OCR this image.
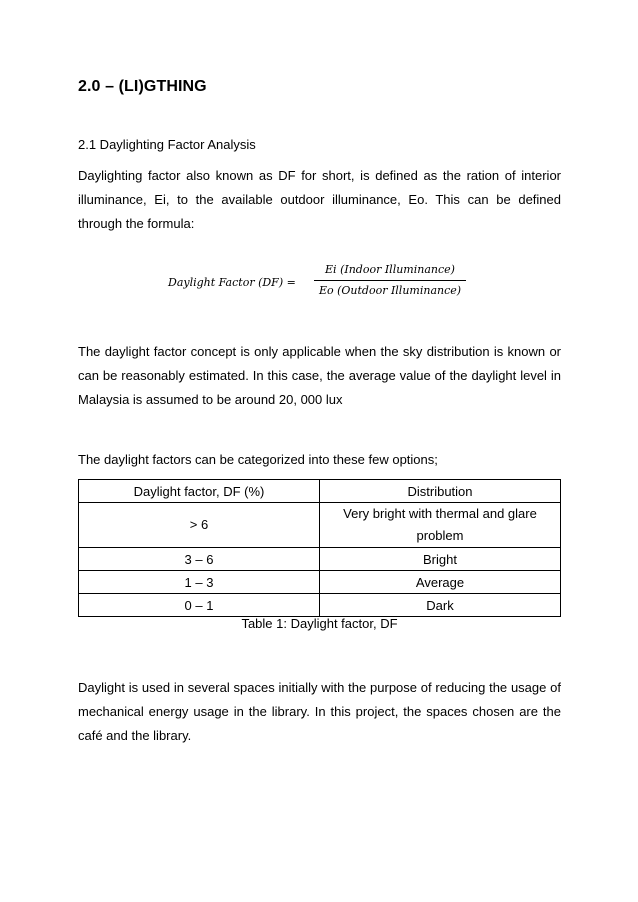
2.0 – (LI)GTHING
2.1 Daylighting Factor Analysis
Daylighting factor also known as DF for short, is defined as the ration of interior illuminance, Ei, to the available outdoor illuminance, Eo. This can be defined through the formula:
Daylight Factor (DF) =
Ei (Indoor Illuminance)
Eo (Outdoor Illuminance)
The daylight factor concept is only applicable when the sky distribution is known or can be reasonably estimated. In this case, the average value of the daylight level in Malaysia is assumed to be around 20, 000 lux
The daylight factors can be categorized into these few options;
Daylight factor, DF (%)	Distribution
> 6	Very bright with thermal and glare problem
3 – 6	Bright
1 – 3	Average
0 – 1	Dark
Table 1: Daylight factor, DF
Daylight is used in several spaces initially with the purpose of reducing the usage of mechanical energy usage in the library. In this project, the spaces chosen are the café and the library.
